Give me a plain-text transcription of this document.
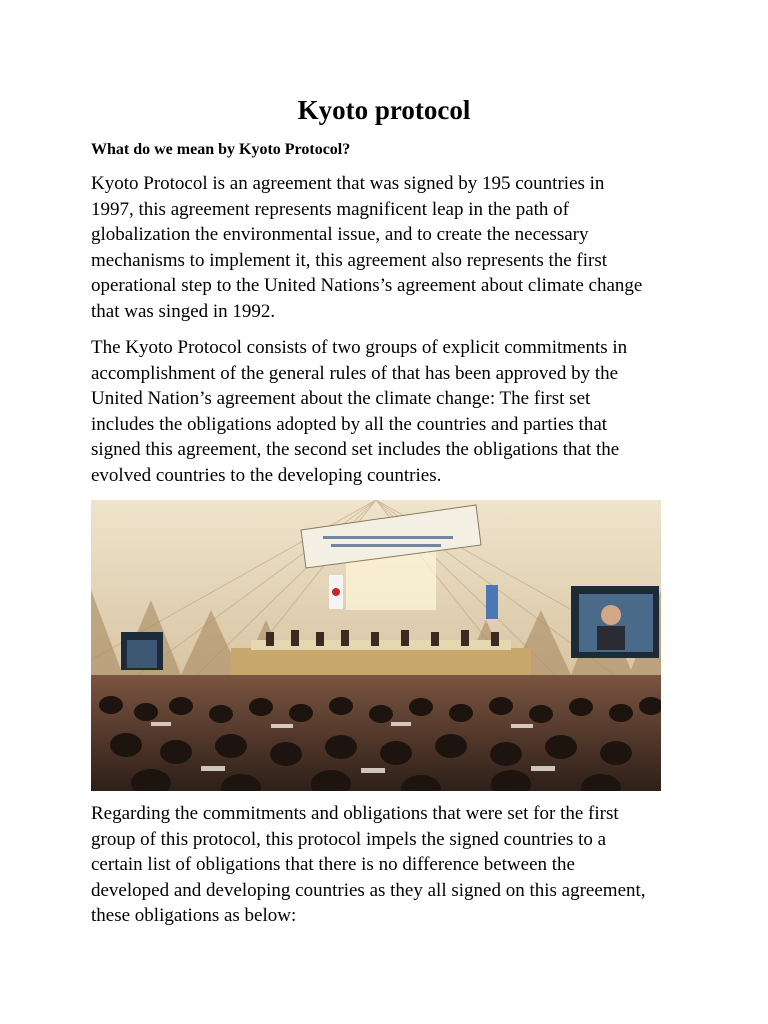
Kyoto protocol
What do we mean by Kyoto Protocol?

Kyoto Protocol is an agreement that was signed by 195 countries in
1997, this agreement represents magnificent leap in the path of
globalization the environmental issue, and to create the necessary
mechanisms to implement it, this agreement also represents the first
operational step to the United Nations’s agreement about climate change
that was singed in 1992.

The Kyoto Protocol consists of two groups of explicit commitments in
accomplishment of the general rules of that has been approved by the
United Nation’s agreement about the climate change: The first set
includes the obligations adopted by all the countries and parties that
signed this agreement, the second set includes the obligations that the
evolved countries to the developing countries.

Regarding the commitments and obligations that were set for the first
group of this protocol, this protocol impels the signed countries to a
certain list of obligations that there is no difference between the
developed and developing countries as they all signed on this agreement,
these obligations as below:
